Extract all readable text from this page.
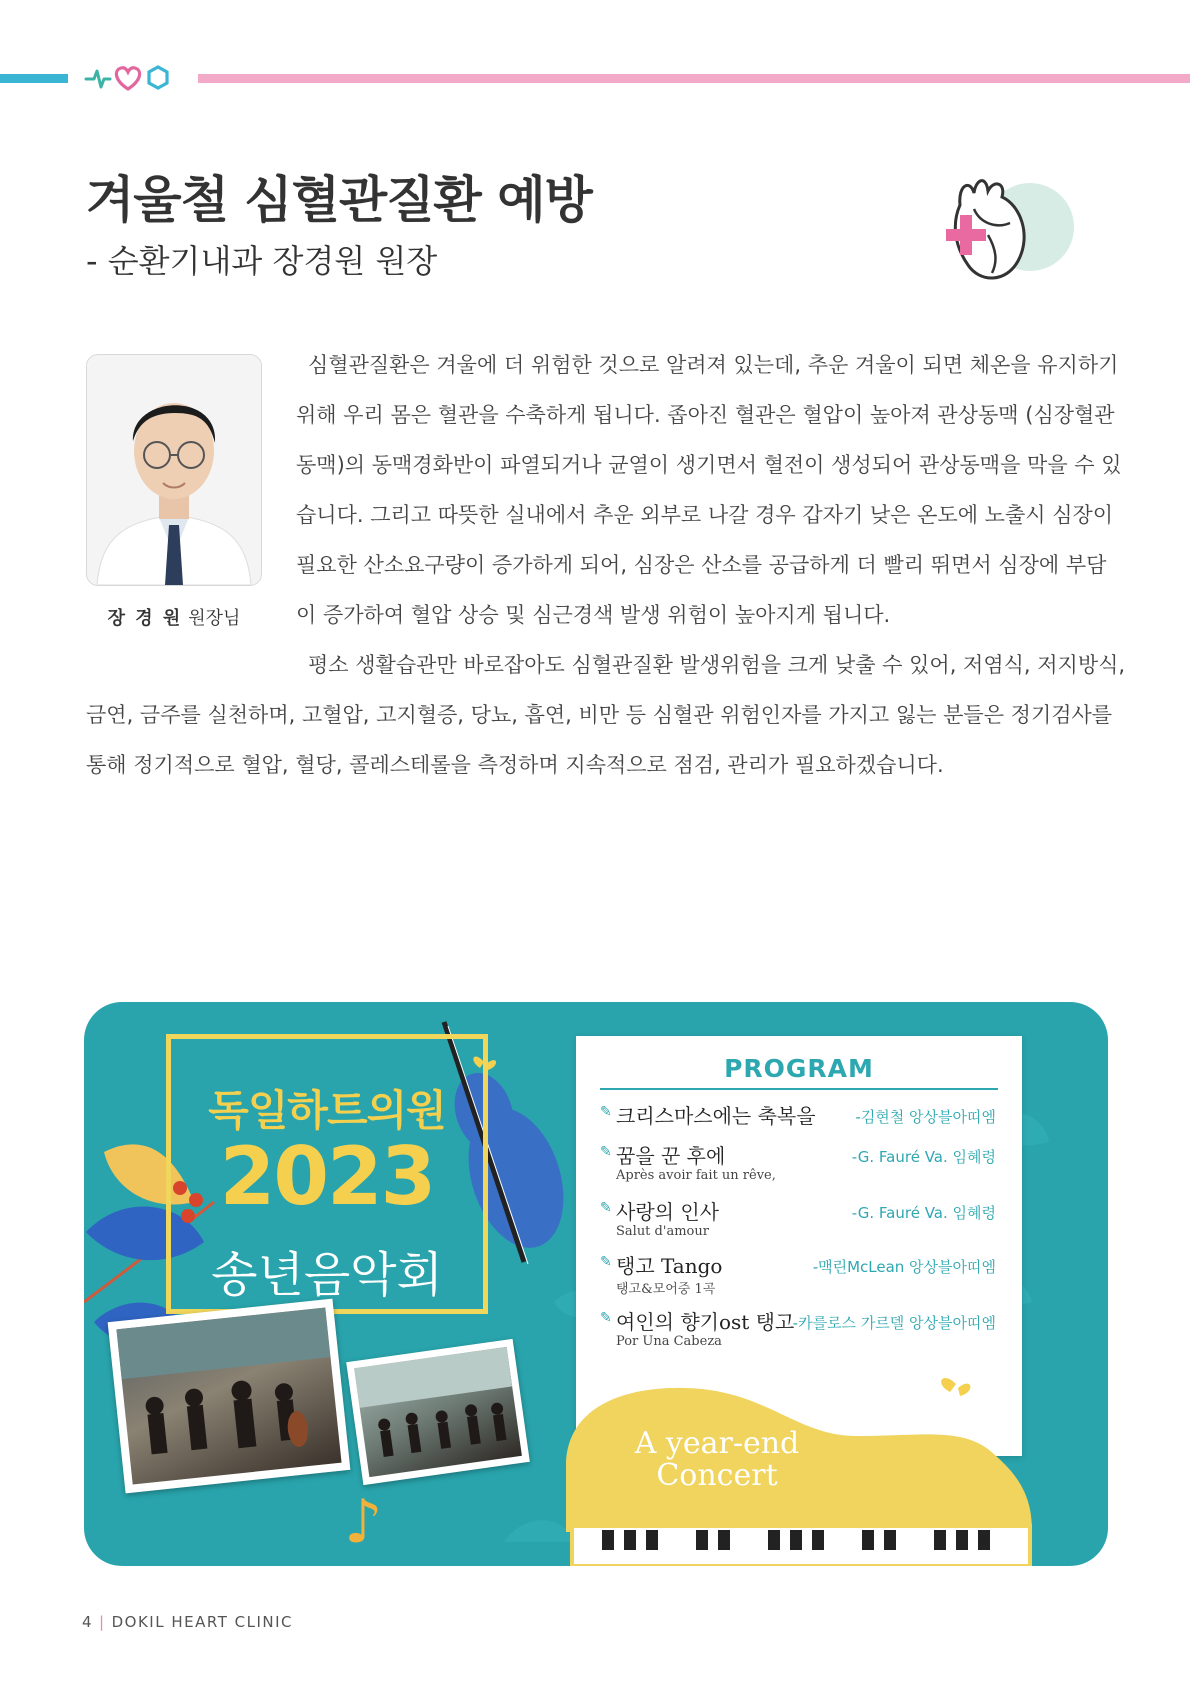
겨울철 심혈관질환 예방
- 순환기내과 장경원 원장
장 경 원 원장님
심혈관질환은 겨울에 더 위험한 것으로 알려져 있는데, 추운 겨울이 되면 체온을 유지하기
위해 우리 몸은 혈관을 수축하게 됩니다. 좁아진 혈관은 혈압이 높아져 관상동맥 (심장혈관
동맥)의 동맥경화반이 파열되거나 균열이 생기면서 혈전이 생성되어 관상동맥을 막을 수 있
습니다. 그리고 따뜻한 실내에서 추운 외부로 나갈 경우 갑자기 낮은 온도에 노출시 심장이
필요한 산소요구량이 증가하게 되어, 심장은 산소를 공급하게 더 빨리 뛰면서 심장에 부담
이 증가하여 혈압 상승 및 심근경색 발생 위험이 높아지게 됩니다.
평소 생활습관만 바로잡아도 심혈관질환 발생위험을 크게 낮출 수 있어, 저염식, 저지방식,
금연, 금주를 실천하며, 고혈압, 고지혈증, 당뇨, 흡연, 비만 등 심혈관 위험인자를 가지고 잃는 분들은 정기검사를
통해 정기적으로 혈압, 혈당, 콜레스테롤을 측정하며 지속적으로 점검, 관리가 필요하겠습니다.
♪
독일하트의원
2023
송년음악회
PROGRAM
✎ 크리스마스에는 축복을	-김현철 앙상블아띠엠
✎ 꿈을 꾼 후에
Après avoir fait un rêve,
-G. Fauré Va. 임혜령
✎ 사랑의 인사
Salut d'amour
-G. Fauré Va. 임혜령
✎ 탱고 Tango
탱고&모어중 1곡
-맥린McLean 앙상블아띠엠
✎ 여인의 향기ost 탱고
Por Una Cabeza
-카를로스 가르델 앙상블아띠엠
A year-end
Concert
4 | DOKIL HEART CLINIC
